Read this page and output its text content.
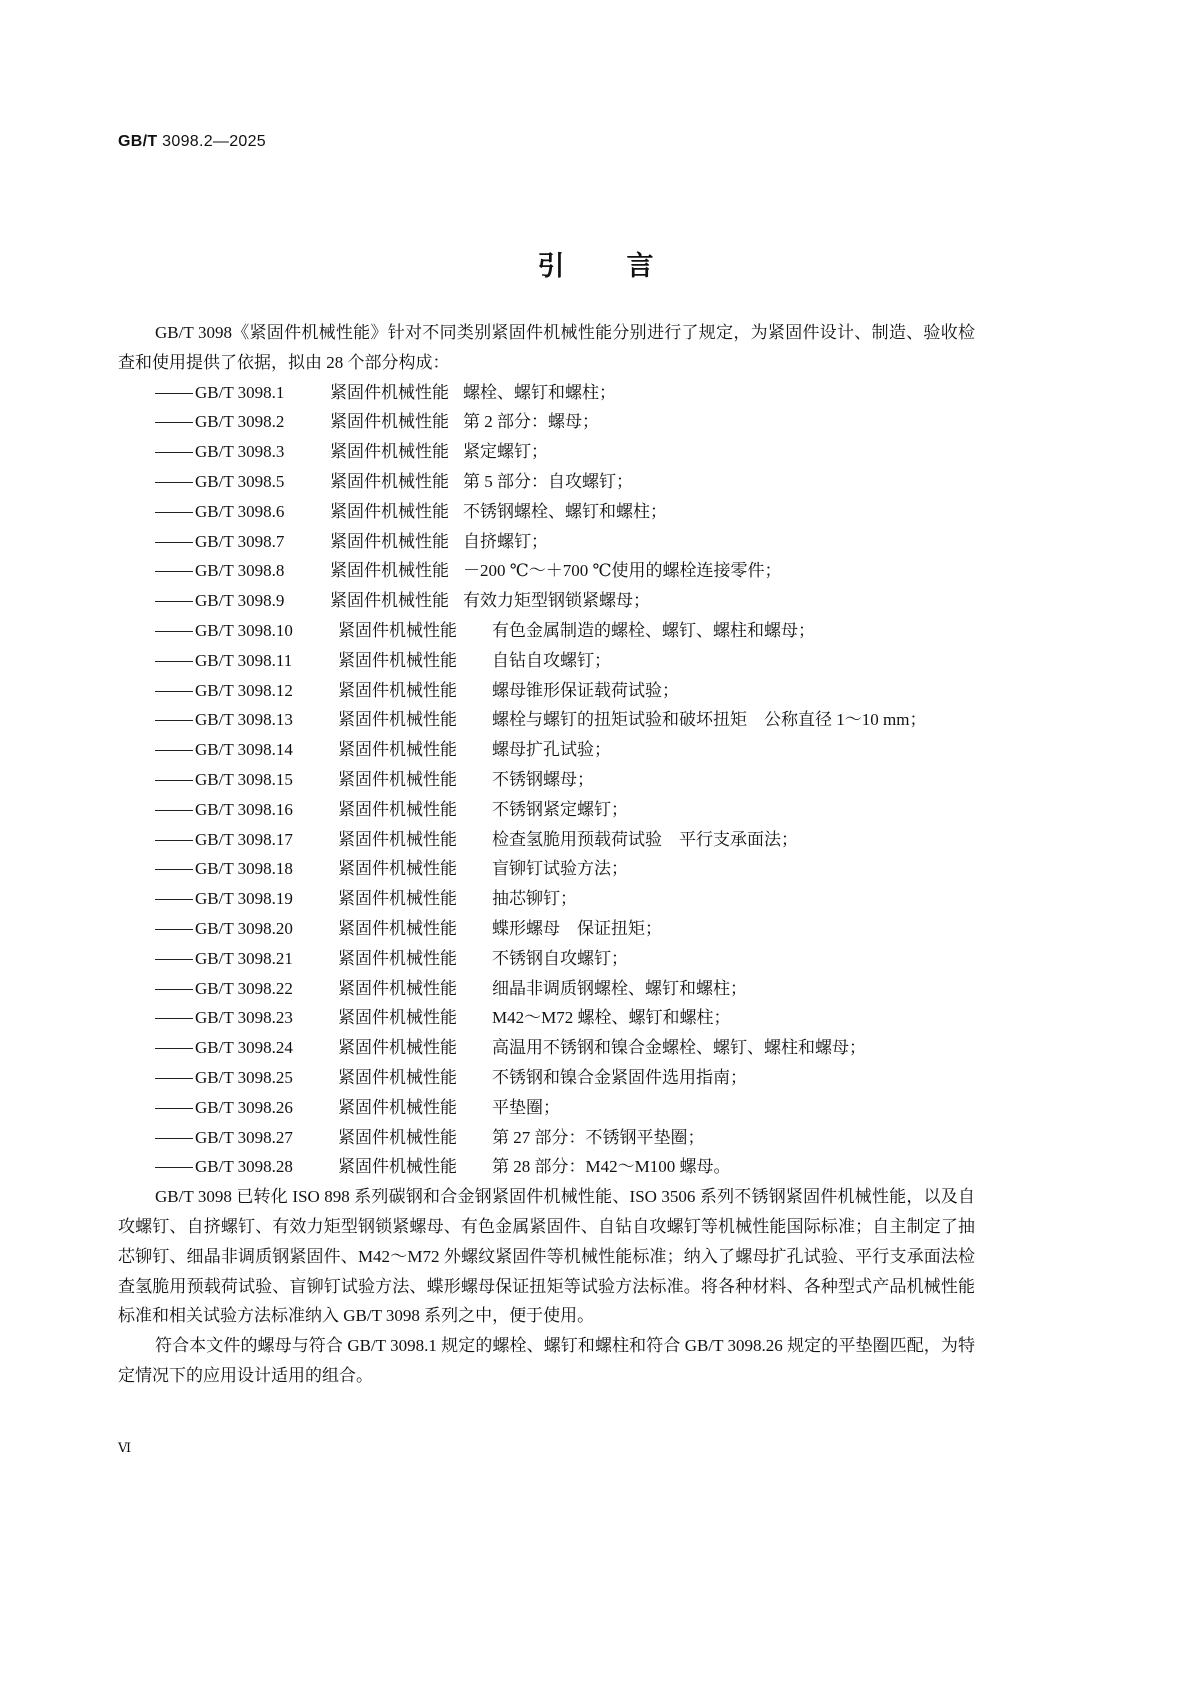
GB/T 3098.2—2025
引言

GB/T 3098《紧固件机械性能》针对不同类别紧固件机械性能分别进行了规定，为紧固件设计、制造、验收检查和使用提供了依据，拟由 28 个部分构成：

GB/T 3098.1	紧固件机械性能 螺栓、螺钉和螺柱；
GB/T 3098.2	紧固件机械性能 第 2 部分：螺母；
GB/T 3098.3	紧固件机械性能 紧定螺钉；
GB/T 3098.5	紧固件机械性能 第 5 部分：自攻螺钉；
GB/T 3098.6	紧固件机械性能 不锈钢螺栓、螺钉和螺柱；
GB/T 3098.7	紧固件机械性能 自挤螺钉；
GB/T 3098.8	紧固件机械性能 －200 ℃～＋700 ℃使用的螺栓连接零件；
GB/T 3098.9	紧固件机械性能 有效力矩型钢锁紧螺母；
GB/T 3098.10	紧固件机械性能 有色金属制造的螺栓、螺钉、螺柱和螺母；
GB/T 3098.11	紧固件机械性能 自钻自攻螺钉；
GB/T 3098.12	紧固件机械性能 螺母锥形保证载荷试验；
GB/T 3098.13	紧固件机械性能 螺栓与螺钉的扭矩试验和破坏扭矩　公称直径 1～10 mm；
GB/T 3098.14	紧固件机械性能 螺母扩孔试验；
GB/T 3098.15	紧固件机械性能 不锈钢螺母；
GB/T 3098.16	紧固件机械性能 不锈钢紧定螺钉；
GB/T 3098.17	紧固件机械性能 检查氢脆用预载荷试验　平行支承面法；
GB/T 3098.18	紧固件机械性能 盲铆钉试验方法；
GB/T 3098.19	紧固件机械性能 抽芯铆钉；
GB/T 3098.20	紧固件机械性能 蝶形螺母　保证扭矩；
GB/T 3098.21	紧固件机械性能 不锈钢自攻螺钉；
GB/T 3098.22	紧固件机械性能 细晶非调质钢螺栓、螺钉和螺柱；
GB/T 3098.23	紧固件机械性能 M42～M72 螺栓、螺钉和螺柱；
GB/T 3098.24	紧固件机械性能 高温用不锈钢和镍合金螺栓、螺钉、螺柱和螺母；
GB/T 3098.25	紧固件机械性能 不锈钢和镍合金紧固件选用指南；
GB/T 3098.26	紧固件机械性能 平垫圈；
GB/T 3098.27	紧固件机械性能 第 27 部分：不锈钢平垫圈；
GB/T 3098.28	紧固件机械性能 第 28 部分：M42～M100 螺母。

GB/T 3098 已转化 ISO 898 系列碳钢和合金钢紧固件机械性能、ISO 3506 系列不锈钢紧固件机械性能，以及自攻螺钉、自挤螺钉、有效力矩型钢锁紧螺母、有色金属紧固件、自钻自攻螺钉等机械性能国际标准；自主制定了抽芯铆钉、细晶非调质钢紧固件、M42～M72 外螺纹紧固件等机械性能标准；纳入了螺母扩孔试验、平行支承面法检查氢脆用预载荷试验、盲铆钉试验方法、蝶形螺母保证扭矩等试验方法标准。将各种材料、各种型式产品机械性能标准和相关试验方法标准纳入 GB/T 3098 系列之中，便于使用。

符合本文件的螺母与符合 GB/T 3098.1 规定的螺栓、螺钉和螺柱和符合 GB/T 3098.26 规定的平垫圈匹配，为特定情况下的应用设计适用的组合。

Ⅵ
